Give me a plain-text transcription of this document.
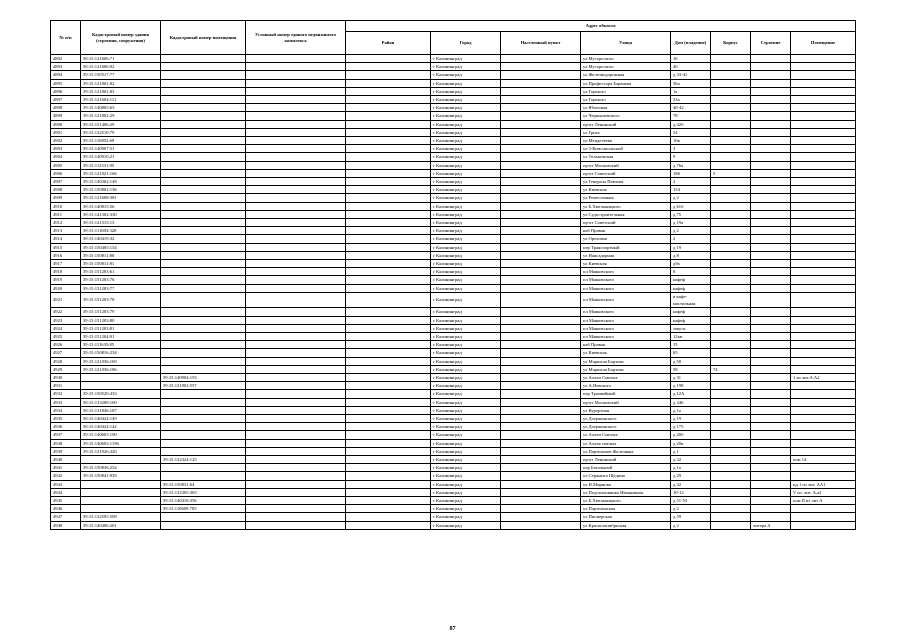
№ п/п	Кадастровый номер здания (строения, сооружения)	Кадастровый номер помещения	Условный номер единого недвижимого комплекса	Адрес объекта							
				Район	Город	Населенный пункт	Улица	Дом (владение)	Корпус	Строение	Помещение
4892	39:15:121606:71				г Калининград		ул Мусоргского	16			
4893	39:15:121606:92				г Калининград		ул Мусоргского	40			
4894	39:15:150517:77				г Калининград		ул Железнодорожная	д 33-41			
4895	39:15:121801:82				г Калининград		ул Профессора Баранова	36а			
4896	39:15:121801:83				г Калининград		ул Горького	1а			
4897	39:15:121604:111				г Калининград		ул Горького	23а			
4898	39:15:140805:65				г Калининград		ул Яблочная	40-42			
4899	39:15:121802:29				г Калининград		ул Чернышевского	78			
4900	39:15:151406:29				г Калининград		пр-кт Ленинский	д 42б			
4901	39:15:132510:79				г Калининград		ул Грига	54			
4902	39:15:110852:69				г Калининград		ул Менделеева	10в			
4903	39:15:140907:51				г Калининград		ул 3-Комсомольской	3			
4904	39:15:140910:21				г Калининград		ул Тельмовская	9			
4905	39:15:112531:95				г Калининград		пр-кт Московский	д 76а			
4906	39:15:121021:166				г Калининград		пр-кт Советский	186	5		
4907	39:15:140362:148				г Калининград		ул Генерала Павлова	2			
4908	39:15:150802:136				г Калининград		ул Киевская	154			
4909	39:15:121608:381				г Калининград		ул Ремесленная	д 2			
4910	39:15:140815:56				г Калининград		ул Б.Хмельницкого	д 61б			
4911	39:15:141302:330				г Калининград		ул Судостроительная	д 75			
4912	39:15:121515:13				г Калининград		пр-кт Советский	д 19а			
4913	39:15:111603:320				г Калининград		наб Правая	д 2			
4914	39:15:140419:32				г Калининград		ул Ореховая	2			
4915	39:15:150405:154				г Калининград		пер Транспортный	д 19			
4916	39:15:150811:80				г Калининград		ул Нансадорная	д 8			
4917	39:15:150811:81				г Калининград		ул Киевская	д9а			
4918	39:15:151203:61				г Калининград		пл Маяковского	8			
4919	39:15:151203:76				г Калининград		пл Маяковского	кафеф			
4920	39:15:151203:77				г Калининград		пл Маяковского	кафеф			
4921	39:15:151203:78				г Калининград		пл Маяковского	в кафе-мастильная			
4922	39:15:151203:79				г Калининград		пл Маяковского	кафеф			
4923	39:15:151203:80				г Калининград		пл Маяковского	кафеф			
4924	39:15:151203:81				г Калининград		пл Маяковского	закуск			
4925	39:15:151204:91				г Калининград		пл Маяковского	12кв			
4926	39:15:111635:85				г Калининград		наб Правая	15			
4927	39:15:150816:234				г Калининград		ул Киевская	65			
4928	39:15:121036:169				г Калининград		ул Маршала Борзова	д 50			
4929	39:15:121036:186				г Калининград		ул Маршала Борзова	58	74		
4930		39:15:140904:155			г Калининград		ул Аллеи Смелых	д 31			1 из лит.А,А2
4931		39:15:131902:557			г Калининград		ул А.Невского	д 198			
4932	39:15:150520:433				г Калининград		пер Трамвайный	д 12А			
4933	39:15:133209:100				г Калининград		пр-кт Московский	д 246			
4934	39:15:131846:187				г Калининград		ул Курортная	д 1а			
4935	39:15:140424:149				г Калининград		ул Дзержинского	д 19			
4936	39:15:140424:142				г Калининград		ул Дзержинского	д 175			
4937	39:15:140603:190				г Калининград		ул Аллеи Смелых	д 20б			
4938	39:15:140603:1196				г Калининград		ул Аллея смелых	д 20в			
4939	39:15:131926:320				г Калининград		ул Партизанов Железняка	д 1			
4940		39:15:132324:125			г Калининград		пр-кт Ленинский	д 32			пом 14
4941	39:15:150836:254				г Калининград		пер Батальный	д 1а			
4942	39:15:150841:939				г Калининград		ул Сержанта Щедина	д 29			
4943		39:15:150831:64			г Калининград		ул Н.Мирнова	д 32			нд 1 из лит. АА1
4944		39:15:132305:365			г Калининград		ул Подполковника Иванникова	10-12			V из. лит. А,а2
4945		39:15:140418:356			г Калининград		ул Б.Хмельницкого	д 51-53			пом II из лит А
4946		39:15:110609:705			г Калининград		ул Партизанская	д 2			
4947	39:15:132505:508				г Калининград		ул Пионерская	д 59			
4948	39:15:140406:201				г Калининград		ул Краснооктябрьская	д 2		литера А	
87
